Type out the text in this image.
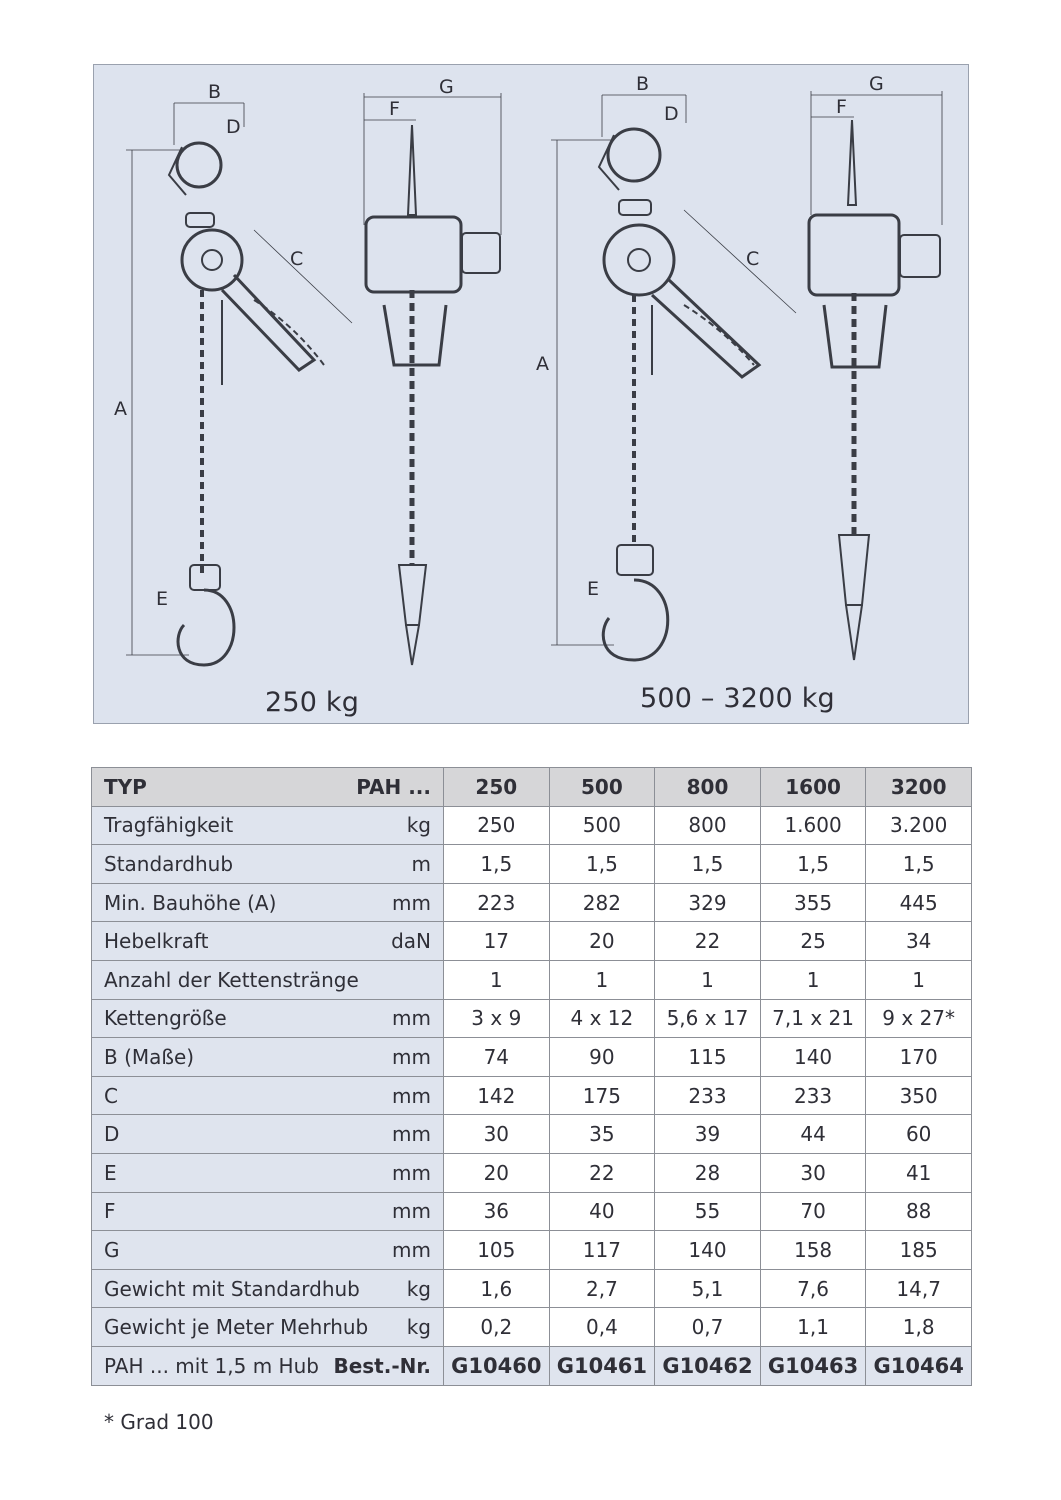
B	G
F
D
C
A
E
B	G
F
D
C
A
E
250 kg	500 – 3200 kg
TYP PAH ...	250	500	800	1600	3200

Tragfähigkeit kg	250	500	800	1.600	3.200

Standardhub m	1,5	1,5	1,5	1,5	1,5

Min. Bauhöhe (A) mm	223	282	329	355	445

Hebelkraft daN	17	20	22	25	34

Anzahl der Kettenstränge	1	1	1	1	1

Kettengröße mm	3 x 9	4 x 12	5,6 x 17	7,1 x 21	9 x 27*

B (Maße) mm	74	90	115	140	170

C mm	142	175	233	233	350

D mm	30	35	39	44	60

E mm	20	22	28	30	41

F mm	36	40	55	70	88

G mm	105	117	140	158	185

Gewicht mit Standardhub kg	1,6	2,7	5,1	7,6	14,7

Gewicht je Meter Mehrhub kg	0,2	0,4	0,7	1,1	1,8

PAH ... mit 1,5 m Hub Best.-Nr.	G10460	G10461	G10462	G10463	G10464
* Grad 100
